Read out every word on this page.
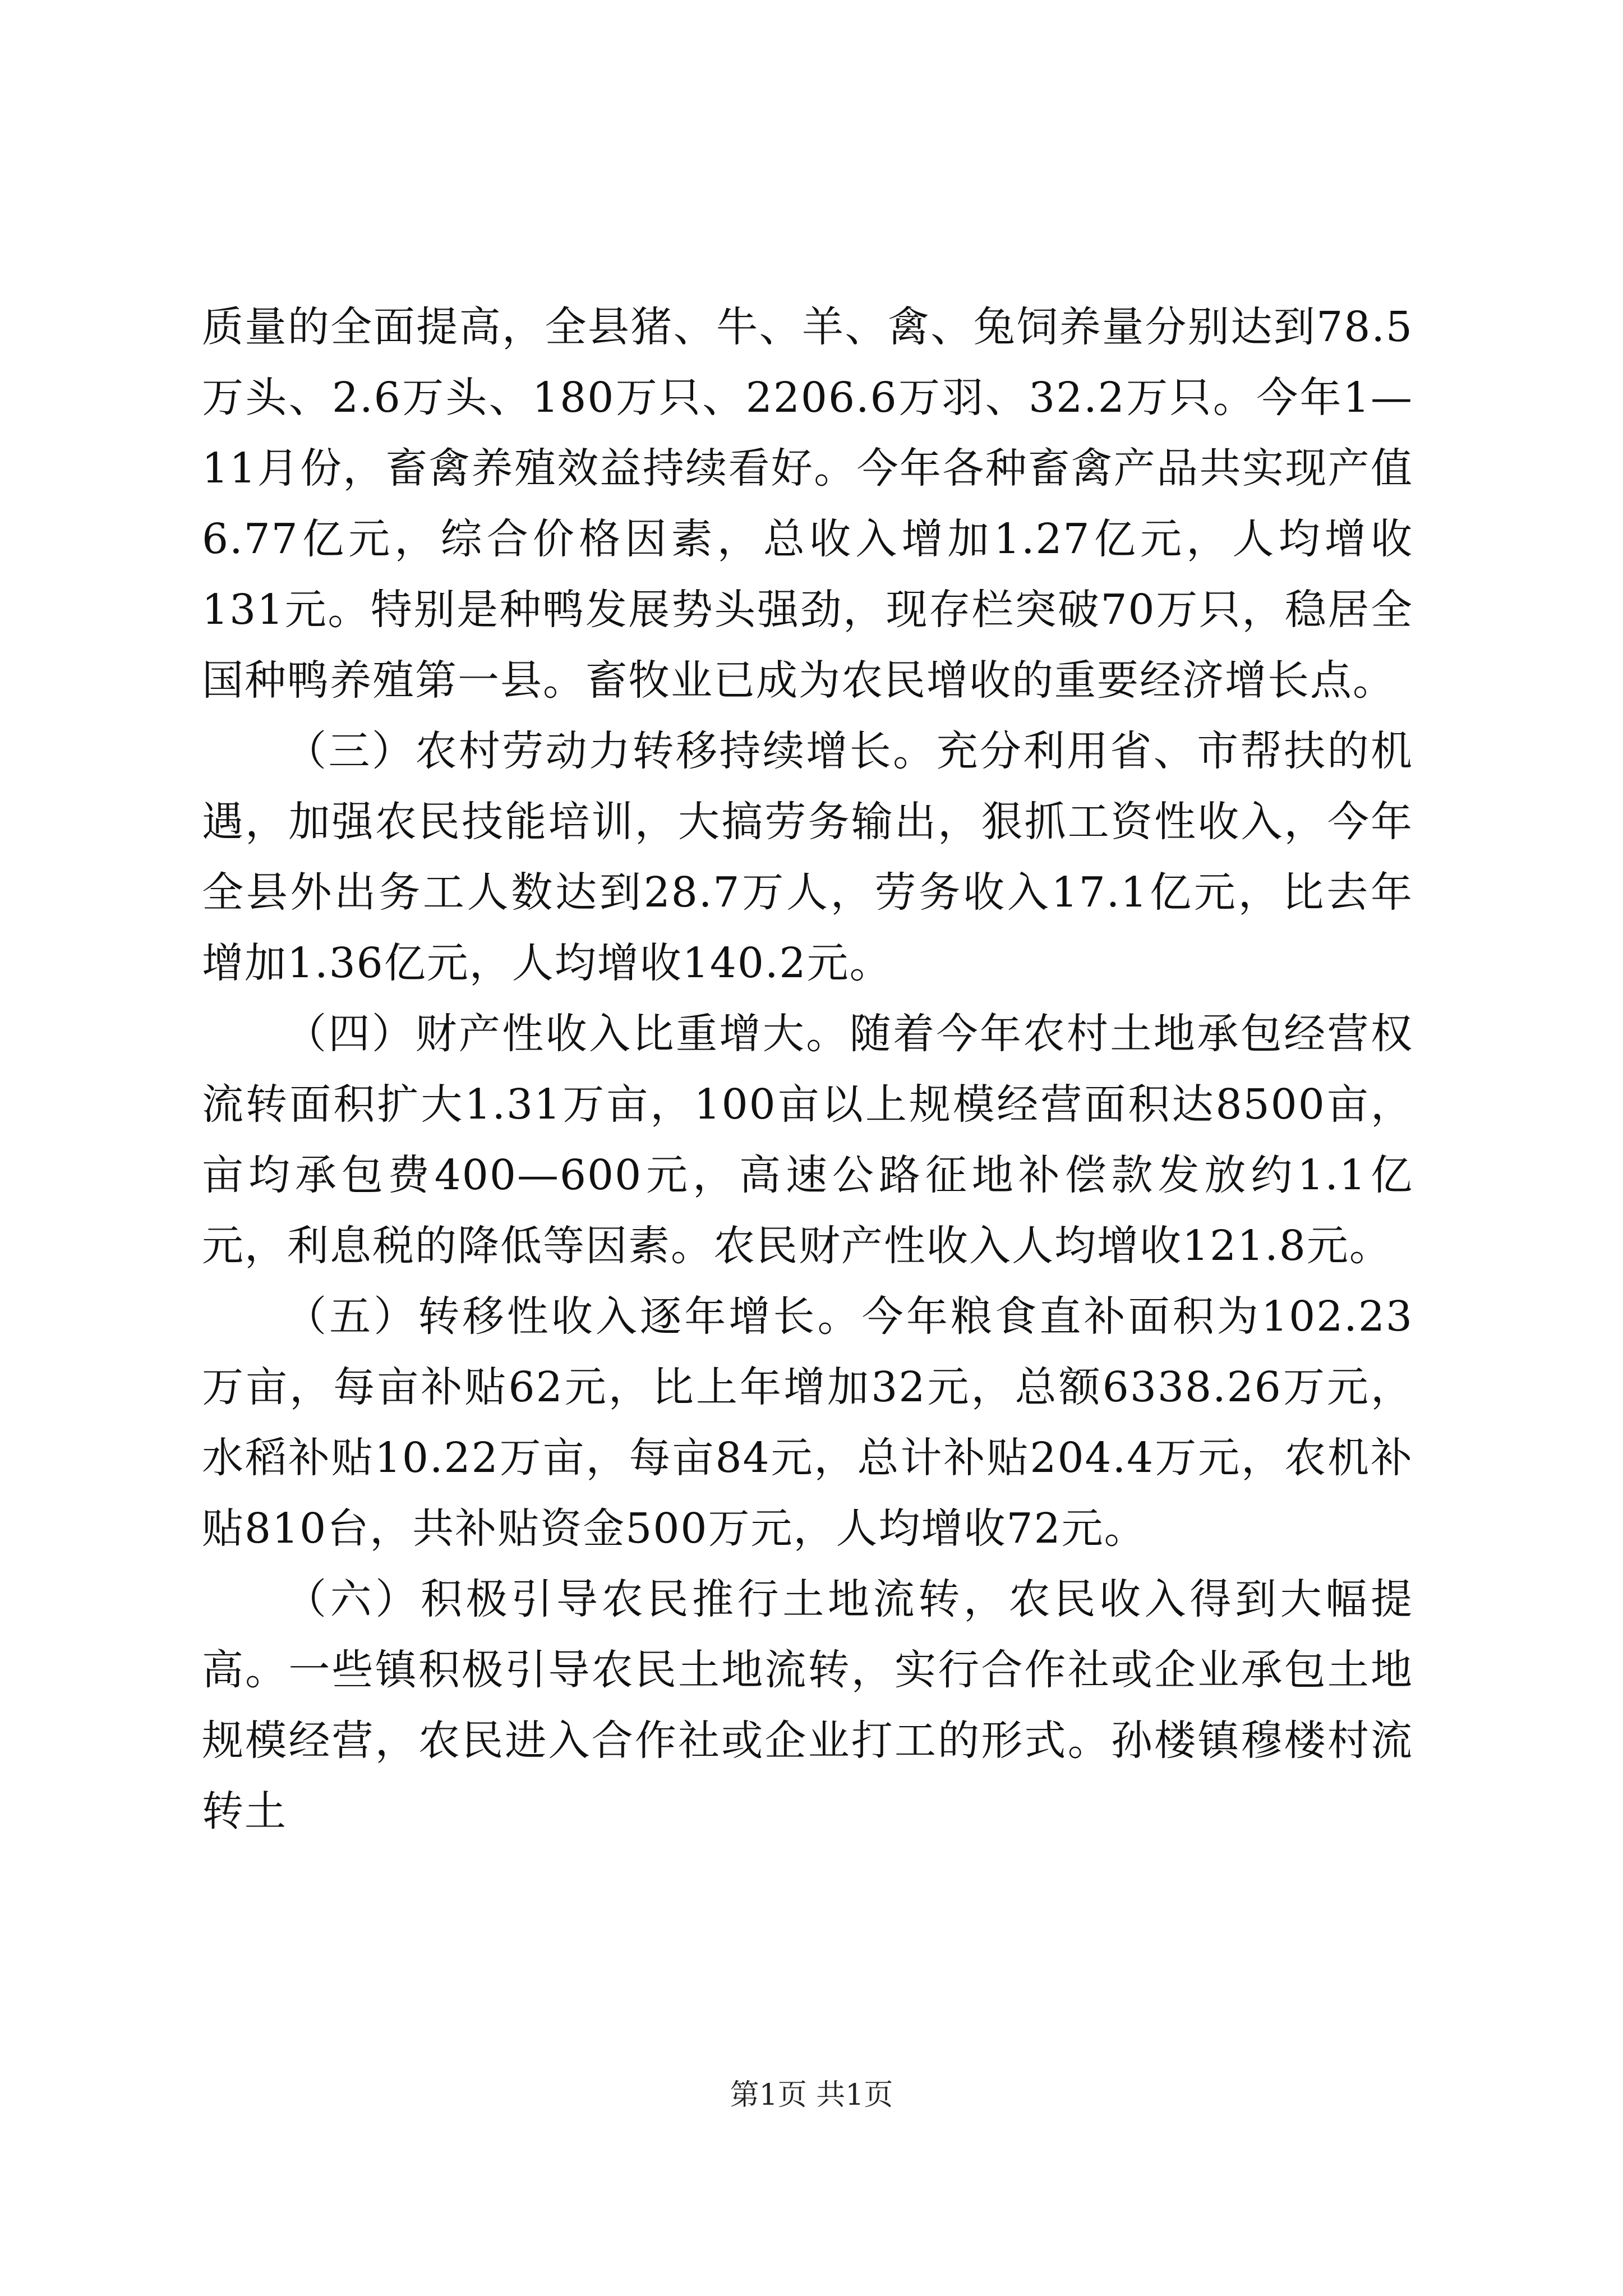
质量的全面提高，全县猪、牛、羊、禽、兔饲养量分别达到78.5万头、2.6万头、180万只、2206.6万羽、32.2万只。今年1—11月份，畜禽养殖效益持续看好。今年各种畜禽产品共实现产值6.77亿元，综合价格因素，总收入增加1.27亿元，人均增收131元。特别是种鸭发展势头强劲，现存栏突破70万只，稳居全国种鸭养殖第一县。畜牧业已成为农民增收的重要经济增长点。

（三）农村劳动力转移持续增长。充分利用省、市帮扶的机遇，加强农民技能培训，大搞劳务输出，狠抓工资性收入，今年全县外出务工人数达到28.7万人，劳务收入17.1亿元，比去年增加1.36亿元，人均增收140.2元。

（四）财产性收入比重增大。随着今年农村土地承包经营权流转面积扩大1.31万亩，100亩以上规模经营面积达8500亩，亩均承包费400—600元，高速公路征地补偿款发放约1.1亿元，利息税的降低等因素。农民财产性收入人均增收121.8元。

（五）转移性收入逐年增长。今年粮食直补面积为102.23万亩，每亩补贴62元，比上年增加32元，总额6338.26万元，水稻补贴10.22万亩，每亩84元，总计补贴204.4万元，农机补贴810台，共补贴资金500万元，人均增收72元。

（六）积极引导农民推行土地流转，农民收入得到大幅提高。一些镇积极引导农民土地流转，实行合作社或企业承包土地规模经营，农民进入合作社或企业打工的形式。孙楼镇穆楼村流转土

第1页 共1页
